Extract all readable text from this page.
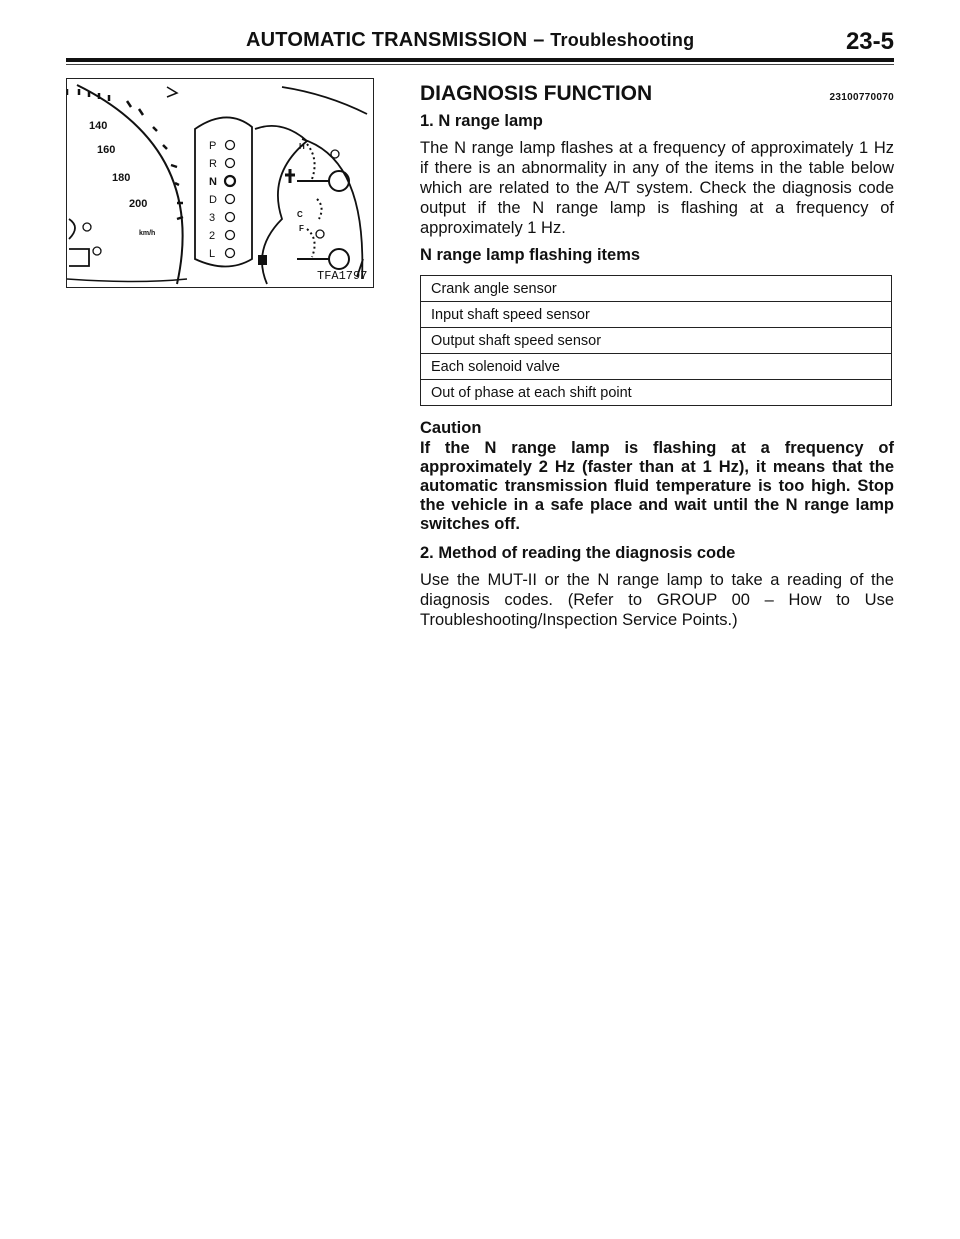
AUTOMATIC TRANSMISSION – Troubleshooting	23-5
140
160
180
200
km/h
P
R
N
D
3
2
L
H
C
F
TFA1797
DIAGNOSIS FUNCTION	23100770070
1. N range lamp
The N range lamp flashes at a frequency of approximately 1 Hz if there is an abnormality in any of the items in the table below which are related to the A/T system. Check the diagnosis code output if the N range lamp is flashing at a frequency of approximately 1 Hz.
N range lamp flashing items
Crank angle sensor
Input shaft speed sensor
Output shaft speed sensor
Each solenoid valve
Out of phase at each shift point
Caution
If the N range lamp is flashing at a frequency of approximately 2 Hz (faster than at 1 Hz), it means that the automatic transmission fluid temperature is too high. Stop the vehicle in a safe place and wait until the N range lamp switches off.
2. Method of reading the diagnosis code
Use the MUT-II or the N range lamp to take a reading of the diagnosis codes. (Refer to GROUP 00 – How to Use Troubleshooting/Inspection Service Points.)
